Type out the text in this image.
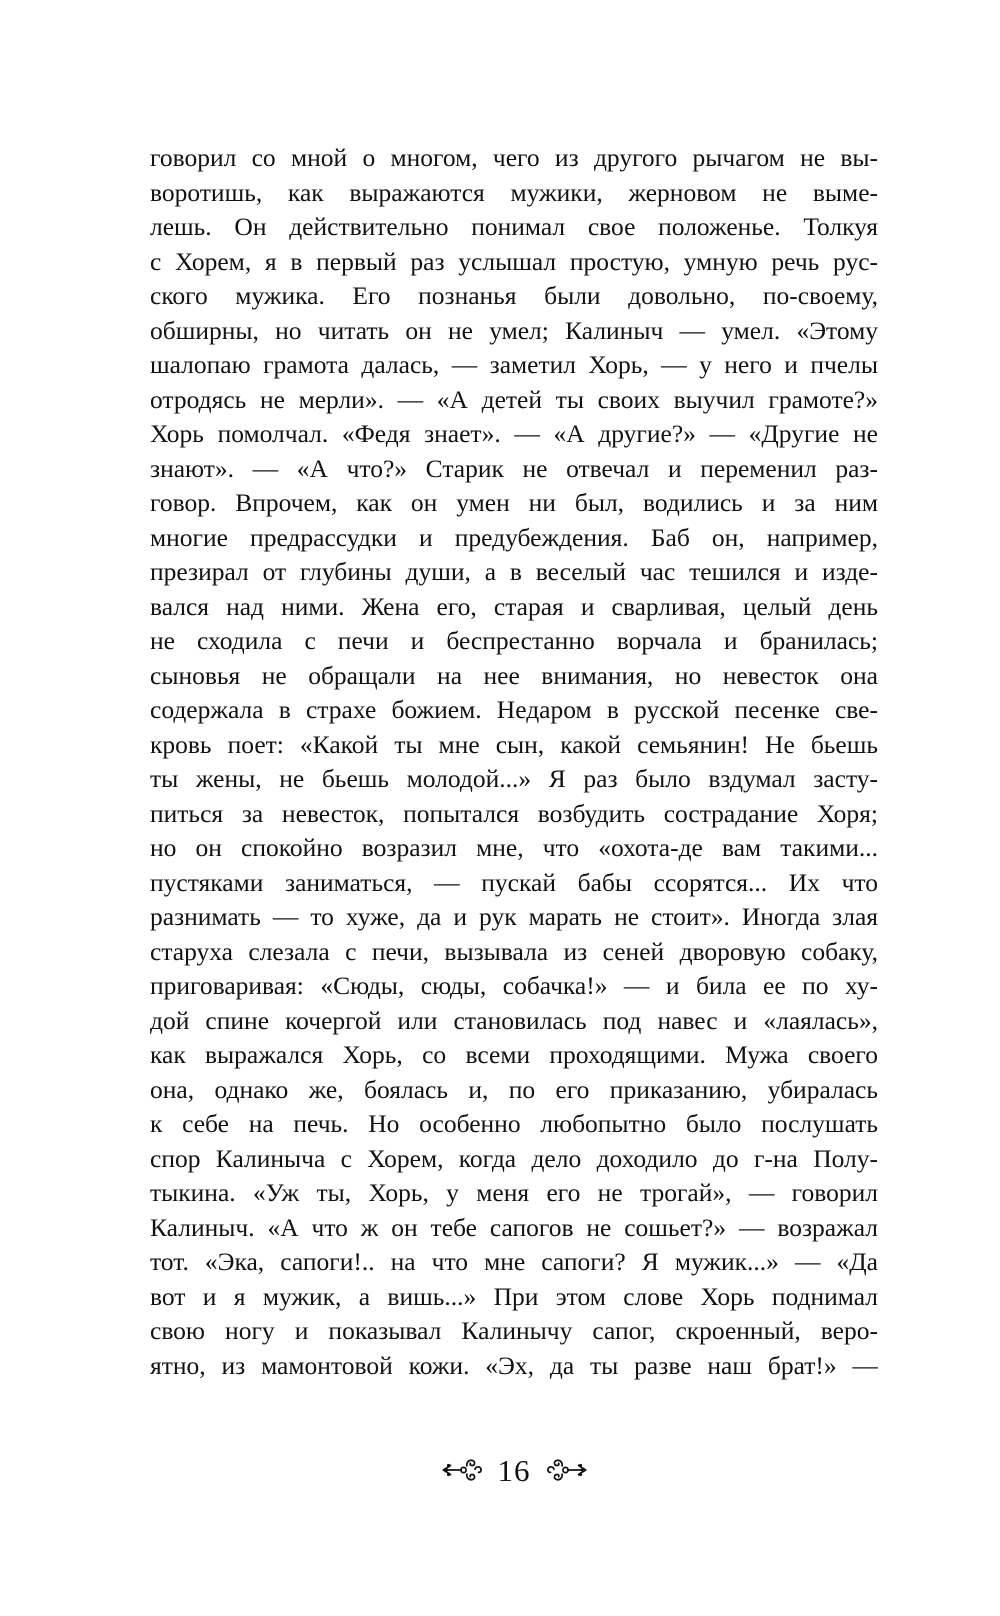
говорил со мной о многом, чего из другого рычагом не вы-
воротишь, как выражаются мужики, жерновом не выме-
лешь. Он действительно понимал свое положенье. Толкуя
с Хорем, я в первый раз услышал простую, умную речь рус-
ского мужика. Его познанья были довольно, по-своему,
обширны, но читать он не умел; Калиныч — умел. «Этому
шалопаю грамота далась, — заметил Хорь, — у него и пчелы
отродясь не мерли». — «А детей ты своих выучил грамоте?»
Хорь помолчал. «Федя знает». — «А другие?» — «Другие не
знают». — «А что?» Старик не отвечал и переменил раз-
говор. Впрочем, как он умен ни был, водились и за ним
многие предрассудки и предубеждения. Баб он, например,
презирал от глубины души, а в веселый час тешился и изде-
вался над ними. Жена его, старая и сварливая, целый день
не сходила с печи и беспрестанно ворчала и бранилась;
сыновья не обращали на нее внимания, но невесток она
содержала в страхе божием. Недаром в русской песенке све-
кровь поет: «Какой ты мне сын, какой семьянин! Не бьешь
ты жены, не бьешь молодой...» Я раз было вздумал засту-
питься за невесток, попытался возбудить сострадание Хоря;
но он спокойно возразил мне, что «охота-де вам такими...
пустяками заниматься, — пускай бабы ссорятся... Их что
разнимать — то хуже, да и рук марать не стоит». Иногда злая
старуха слезала с печи, вызывала из сеней дворовую собаку,
приговаривая: «Сюды, сюды, собачка!» — и била ее по ху-
дой спине кочергой или становилась под навес и «лаялась»,
как выражался Хорь, со всеми проходящими. Мужа своего
она, однако же, боялась и, по его приказанию, убиралась
к себе на печь. Но особенно любопытно было послушать
спор Калиныча с Хорем, когда дело доходило до г-на Полу-
тыкина. «Уж ты, Хорь, у меня его не трогай», — говорил
Калиныч. «А что ж он тебе сапогов не сошьет?» — возражал
тот. «Эка, сапоги!.. на что мне сапоги? Я мужик...» — «Да
вот и я мужик, а вишь...» При этом слове Хорь поднимал
свою ногу и показывал Калинычу сапог, скроенный, веро-
ятно, из мамонтовой кожи. «Эх, да ты разве наш брат!» —
16
